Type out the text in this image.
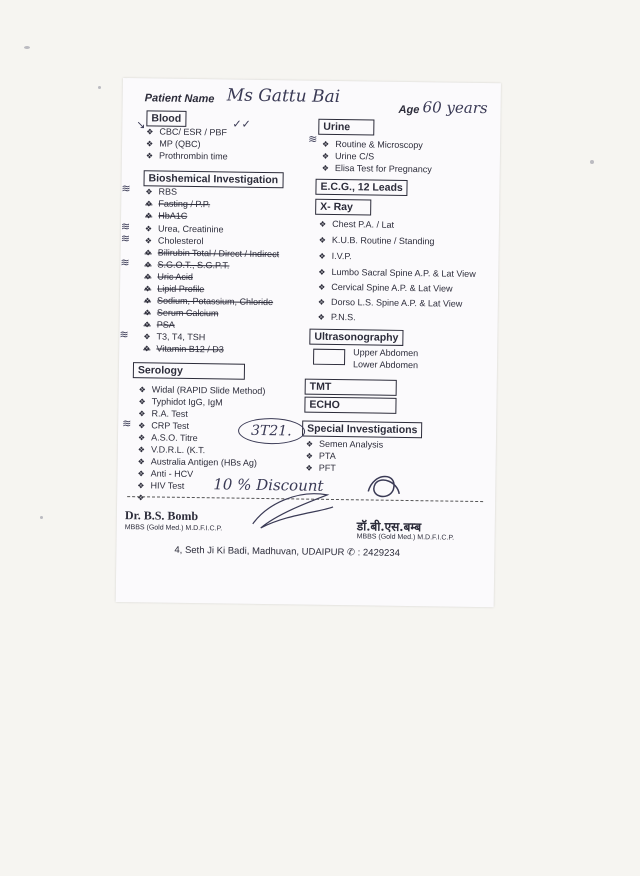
Patient Name Ms Gattu Bai
Age 60 years
Blood
↘
❖ CBC/ ESR / PBF
✓✓
❖ MP (QBC)
❖ Prothrombin time
Bioshemical Investigation
❖ RBS
❖ Fasting / P.P.
❖ HbA1C
❖ Urea, Creatinine
❖ Cholesterol
❖ Bilirubin Total / Direct / Indirect
❖ S.G.O.T., S.G.P.T.
❖ Uric Acid
❖ Lipid Profile
❖ Sodium, Potassium, Chloride
❖ Serum Calcium
❖ PSA
❖ T3, T4, TSH
❖ Vitamin B12 / D3
≋
≋
≋
≋
≋
Serology
❖ Widal (RAPID Slide Method)
❖ Typhidot IgG, IgM
❖ R.A. Test
❖ CRP Test
❖ A.S.O. Titre
❖ V.D.R.L. (K.T.
❖ Australia Antigen (HBs Ag)
❖ Anti - HCV
❖ HIV Test
❖
≋
Urine
≋ ❖ Routine & Microscopy
❖ Urine C/S
❖ Elisa Test for Pregnancy
E.C.G., 12 Leads
X- Ray
❖ Chest P.A. / Lat
❖ K.U.B. Routine / Standing
❖ I.V.P.
❖ Lumbo Sacral Spine A.P. & Lat View
❖ Cervical Spine A.P. & Lat View
❖ Dorso L.S. Spine A.P. & Lat View
❖ P.N.S.
Ultrasonography
Upper Abdomen
Lower Abdomen
TMT
ECHO
Special Investigations
❖ Semen Analysis
❖ PTA
❖ PFT
3T21.
10 % Discount
Dr. B.S. Bomb
MBBS (Gold Med.) M.D.F.I.C.P.	डॉ.बी.एस.बम्ब
MBBS (Gold Med.) M.D.F.I.C.P.
4, Seth Ji Ki Badi, Madhuvan, UDAIPUR ✆ : 2429234
